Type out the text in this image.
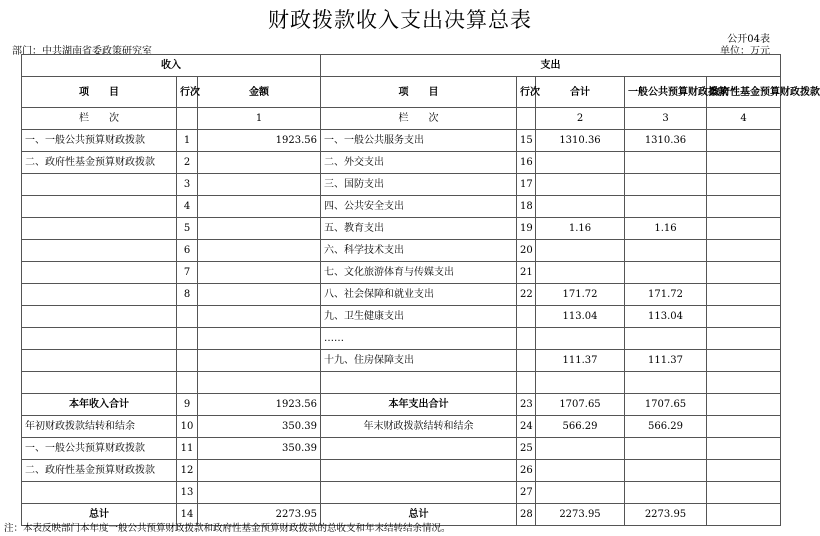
财政拨款收入支出决算总表
公开04表
部门：中共湖南省委政策研究室	单位：万元
收入			支出				
项　　目	行次	金额	项　　目	行次	合计	一般公共预算财政拨款	政府性基金预算财政拨款
栏　　次		1	栏　　次		2	3	4
一、一般公共预算财政拨款	1	1923.56	一、一般公共服务支出	15	1310.36	1310.36	
二、政府性基金预算财政拨款	2		二、外交支出	16			
	3		三、国防支出	17			
	4		四、公共安全支出	18			
	5		五、教育支出	19	1.16	1.16	
	6		六、科学技术支出	20			
	7		七、文化旅游体育与传媒支出	21			
	8		八、社会保障和就业支出	22	171.72	171.72	
			九、卫生健康支出		113.04	113.04	
			……				
			十九、住房保障支出		111.37	111.37	

本年收入合计	9	1923.56	本年支出合计	23	1707.65	1707.65	
年初财政拨款结转和结余	10	350.39	年末财政拨款结转和结余	24	566.29	566.29	
一、一般公共预算财政拨款	11	350.39		25			
二、政府性基金预算财政拨款	12			26			
	13			27			
总计	14	2273.95	总计	28	2273.95	2273.95	
注：本表反映部门本年度一般公共预算财政拨款和政府性基金预算财政拨款的总收支和年末结转结余情况。
